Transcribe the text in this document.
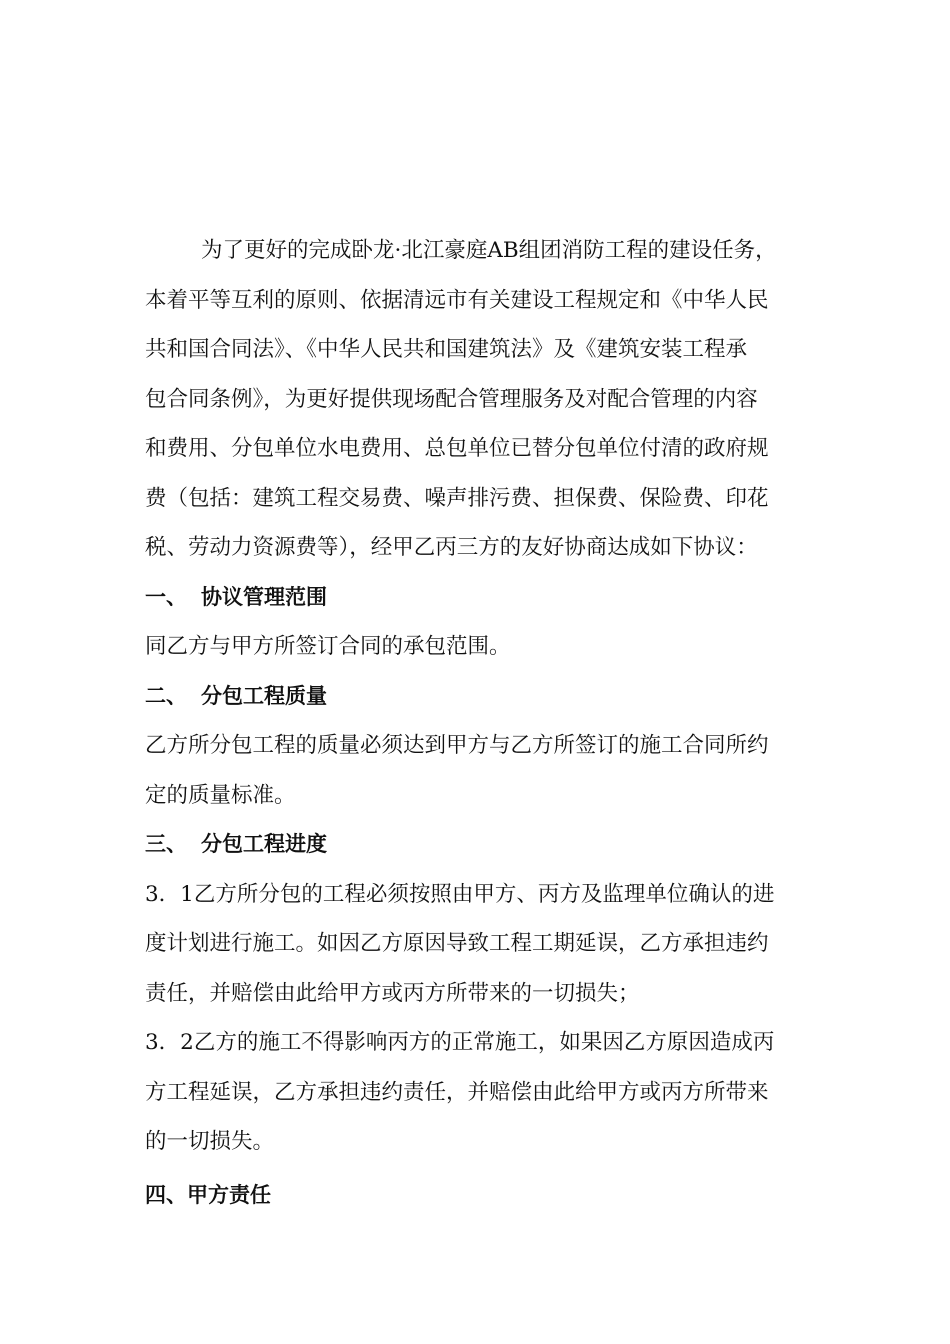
为了更好的完成卧龙·北江豪庭AB组团消防工程的建设任务，
本着平等互利的原则、依据清远市有关建设工程规定和《中华人民
共和国合同法》、《中华人民共和国建筑法》及《建筑安装工程承
包合同条例》，为更好提供现场配合管理服务及对配合管理的内容
和费用、分包单位水电费用、总包单位已替分包单位付清的政府规
费（包括：建筑工程交易费、噪声排污费、担保费、保险费、印花
税、劳动力资源费等），经甲乙丙三方的友好协商达成如下协议：
一、 协议管理范围
同乙方与甲方所签订合同的承包范围。
二、 分包工程质量
乙方所分包工程的质量必须达到甲方与乙方所签订的施工合同所约
定的质量标准。
三、 分包工程进度
3．1乙方所分包的工程必须按照由甲方、丙方及监理单位确认的进
度计划进行施工。如因乙方原因导致工程工期延误，乙方承担违约
责任，并赔偿由此给甲方或丙方所带来的一切损失；
3．2乙方的施工不得影响丙方的正常施工，如果因乙方原因造成丙
方工程延误，乙方承担违约责任，并赔偿由此给甲方或丙方所带来
的一切损失。
四、甲方责任
